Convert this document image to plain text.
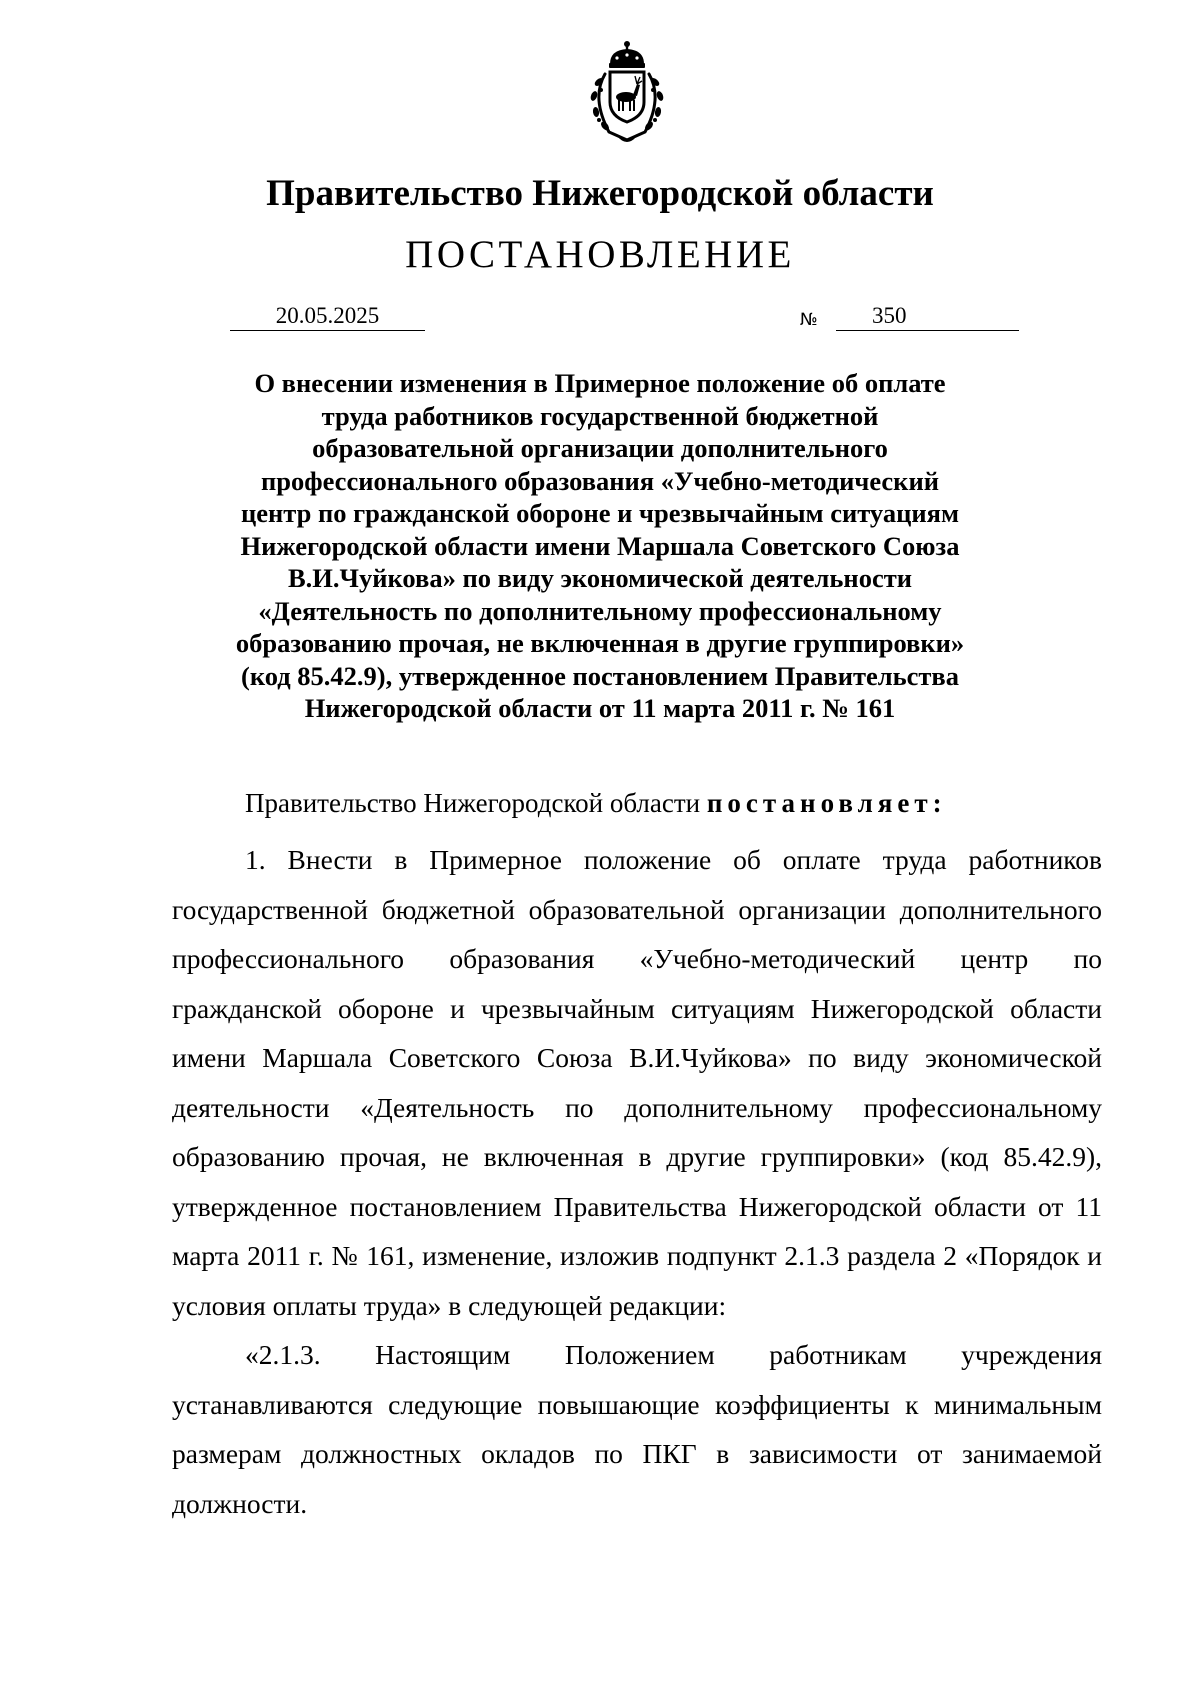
Правительство Нижегородской области
ПОСТАНОВЛЕНИЕ
20.05.2025	№	350
О внесении изменения в Примерное положение об оплате
труда работников государственной бюджетной
образовательной организации дополнительного
профессионального образования «Учебно-методический
центр по гражданской обороне и чрезвычайным ситуациям
Нижегородской области имени Маршала Советского Союза
В.И.Чуйкова» по виду экономической деятельности
«Деятельность по дополнительному профессиональному
образованию прочая, не включенная в другие группировки»
(код 85.42.9), утвержденное постановлением Правительства
Нижегородской области от 11 марта 2011 г. № 161
Правительство Нижегородской области постановляет:

1. Внести в Примерное положение об оплате труда работников государственной бюджетной образовательной организации дополнительного профессионального образования «Учебно-методический центр по гражданской обороне и чрезвычайным ситуациям Нижегородской области имени Маршала Советского Союза В.И.Чуйкова» по виду экономической деятельности «Деятельность по дополнительному профессиональному образованию прочая, не включенная в другие группировки» (код 85.42.9), утвержденное постановлением Правительства Нижегородской области от 11 марта 2011 г. № 161, изменение, изложив подпункт 2.1.3 раздела 2 «Порядок и условия оплаты труда» в следующей редакции:

«2.1.3. Настоящим Положением работникам учреждения устанавливаются следующие повышающие коэффициенты к минимальным размерам должностных окладов по ПКГ в зависимости от занимаемой должности.
